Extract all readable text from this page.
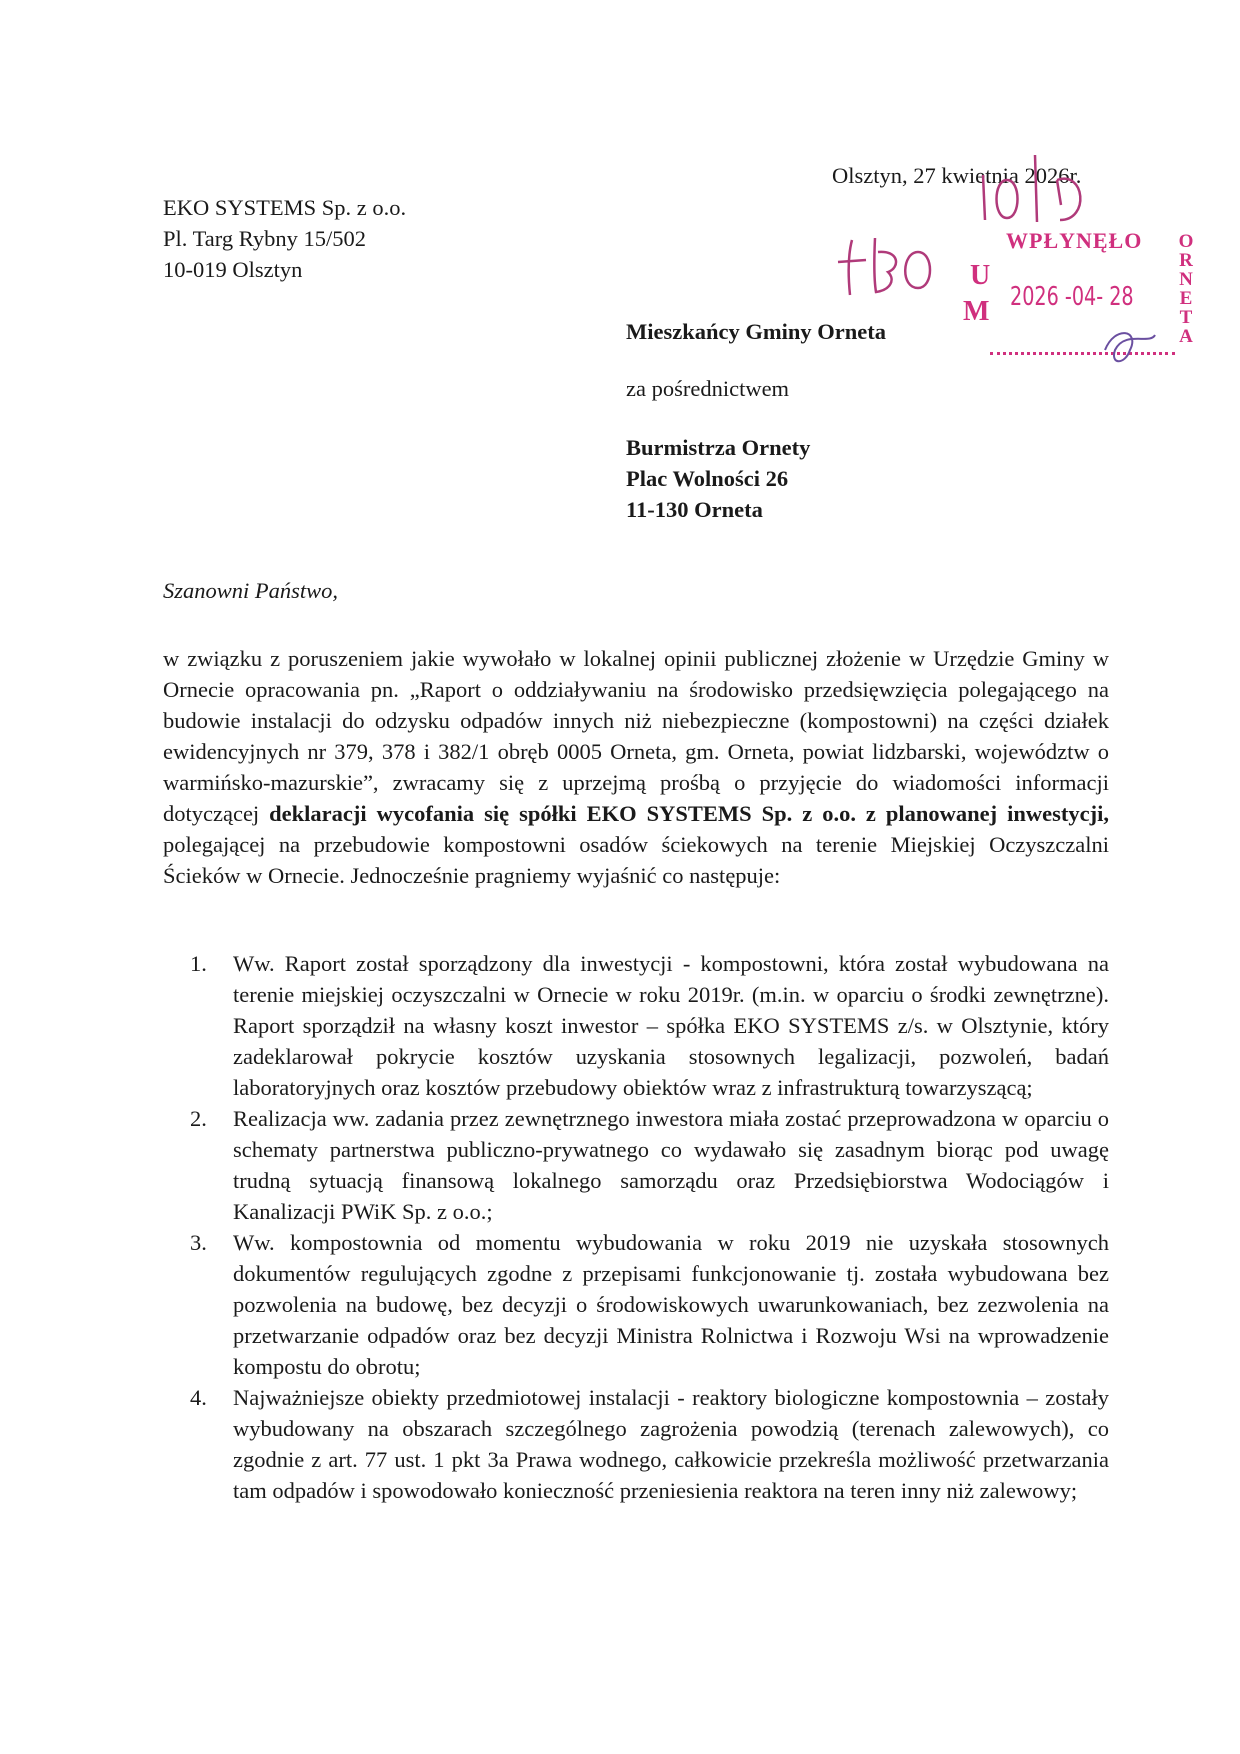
Olsztyn, 27 kwietnia 2026r.
EKO SYSTEMS Sp. z o.o.
Pl. Targ Rybny 15/502
10-019 Olsztyn
WPŁYNĘŁO
U
M 2026 -04- 28
O
R
N
E
T
A
Mieszkańcy Gminy Orneta
za pośrednictwem
Burmistrza Ornety
Plac Wolności 26
11-130 Orneta
Szanowni Państwo,
w związku z poruszeniem jakie wywołało w lokalnej opinii publicznej złożenie w Urzędzie Gminy w Ornecie opracowania pn. „Raport o oddziaływaniu na środowisko przedsięwzięcia polegającego na budowie instalacji do odzysku odpadów innych niż niebezpieczne (kompostowni) na części działek ewidencyjnych nr 379, 378 i 382/1 obręb 0005 Orneta, gm. Orneta, powiat lidzbarski, województw o warmińsko-mazurskie”, zwracamy się z uprzejmą prośbą o przyjęcie do wiadomości informacji dotyczącej deklaracji wycofania się spółki EKO SYSTEMS Sp. z o.o. z planowanej inwestycji, polegającej na przebudowie kompostowni osadów ściekowych na terenie Miejskiej Oczyszczalni Ścieków w Ornecie. Jednocześnie pragniemy wyjaśnić co następuje:
1. Ww. Raport został sporządzony dla inwestycji - kompostowni, która został wybudowana na terenie miejskiej oczyszczalni w Ornecie w roku 2019r. (m.in. w oparciu o środki zewnętrzne). Raport sporządził na własny koszt inwestor – spółka EKO SYSTEMS z/s. w Olsztynie, który zadeklarował pokrycie kosztów uzyskania stosownych legalizacji, pozwoleń, badań laboratoryjnych oraz kosztów przebudowy obiektów wraz z infrastrukturą towarzyszącą;
2. Realizacja ww. zadania przez zewnętrznego inwestora miała zostać przeprowadzona w oparciu o schematy partnerstwa publiczno-prywatnego co wydawało się zasadnym biorąc pod uwagę trudną sytuacją finansową lokalnego samorządu oraz Przedsiębiorstwa Wodociągów i Kanalizacji PWiK Sp. z o.o.;
3. Ww. kompostownia od momentu wybudowania w roku 2019 nie uzyskała stosownych dokumentów regulujących zgodne z przepisami funkcjonowanie tj. została wybudowana bez pozwolenia na budowę, bez decyzji o środowiskowych uwarunkowaniach, bez zezwolenia na przetwarzanie odpadów oraz bez decyzji Ministra Rolnictwa i Rozwoju Wsi na wprowadzenie kompostu do obrotu;
4. Najważniejsze obiekty przedmiotowej instalacji - reaktory biologiczne kompostownia – zostały wybudowany na obszarach szczególnego zagrożenia powodzią (terenach zalewowych), co zgodnie z art. 77 ust. 1 pkt 3a Prawa wodnego, całkowicie przekreśla możliwość przetwarzania tam odpadów i spowodowało konieczność przeniesienia reaktora na teren inny niż zalewowy;
